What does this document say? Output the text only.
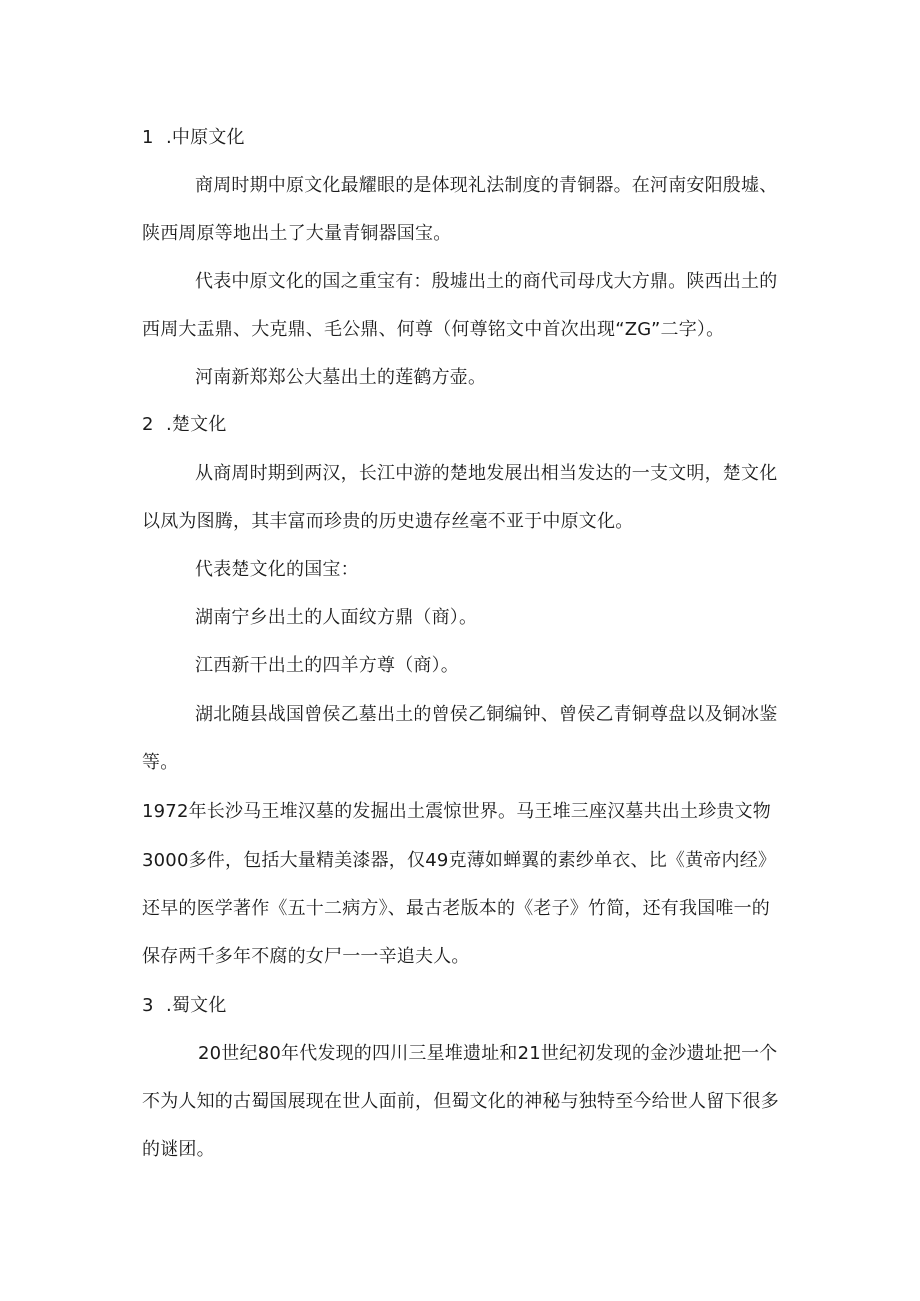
1 .中原文化
商周时期中原文化最耀眼的是体现礼法制度的青铜器。在河南安阳殷墟、
陕西周原等地出土了大量青铜器国宝。
代表中原文化的国之重宝有：殷墟出土的商代司母戊大方鼎。陕西出土的
西周大盂鼎、大克鼎、毛公鼎、何尊（何尊铭文中首次出现“ZG”二字）。
河南新郑郑公大墓出土的莲鹤方壶。
2 .楚文化
从商周时期到两汉，长江中游的楚地发展出相当发达的一支文明，楚文化
以凤为图腾，其丰富而珍贵的历史遗存丝毫不亚于中原文化。
代表楚文化的国宝：
湖南宁乡出土的人面纹方鼎（商）。
江西新干出土的四羊方尊（商）。
湖北随县战国曾侯乙墓出土的曾侯乙铜编钟、曾侯乙青铜尊盘以及铜冰鉴
等。
1972年长沙马王堆汉墓的发掘出土震惊世界。马王堆三座汉墓共出土珍贵文物
3000多件，包括大量精美漆器，仅49克薄如蝉翼的素纱单衣、比《黄帝内经》
还早的医学著作《五十二病方》、最古老版本的《老子》竹简，还有我国唯一的
保存两千多年不腐的女尸一一辛追夫人。
3 .蜀文化
20世纪80年代发现的四川三星堆遗址和21世纪初发现的金沙遗址把一个
不为人知的古蜀国展现在世人面前，但蜀文化的神秘与独特至今给世人留下很多
的谜团。
